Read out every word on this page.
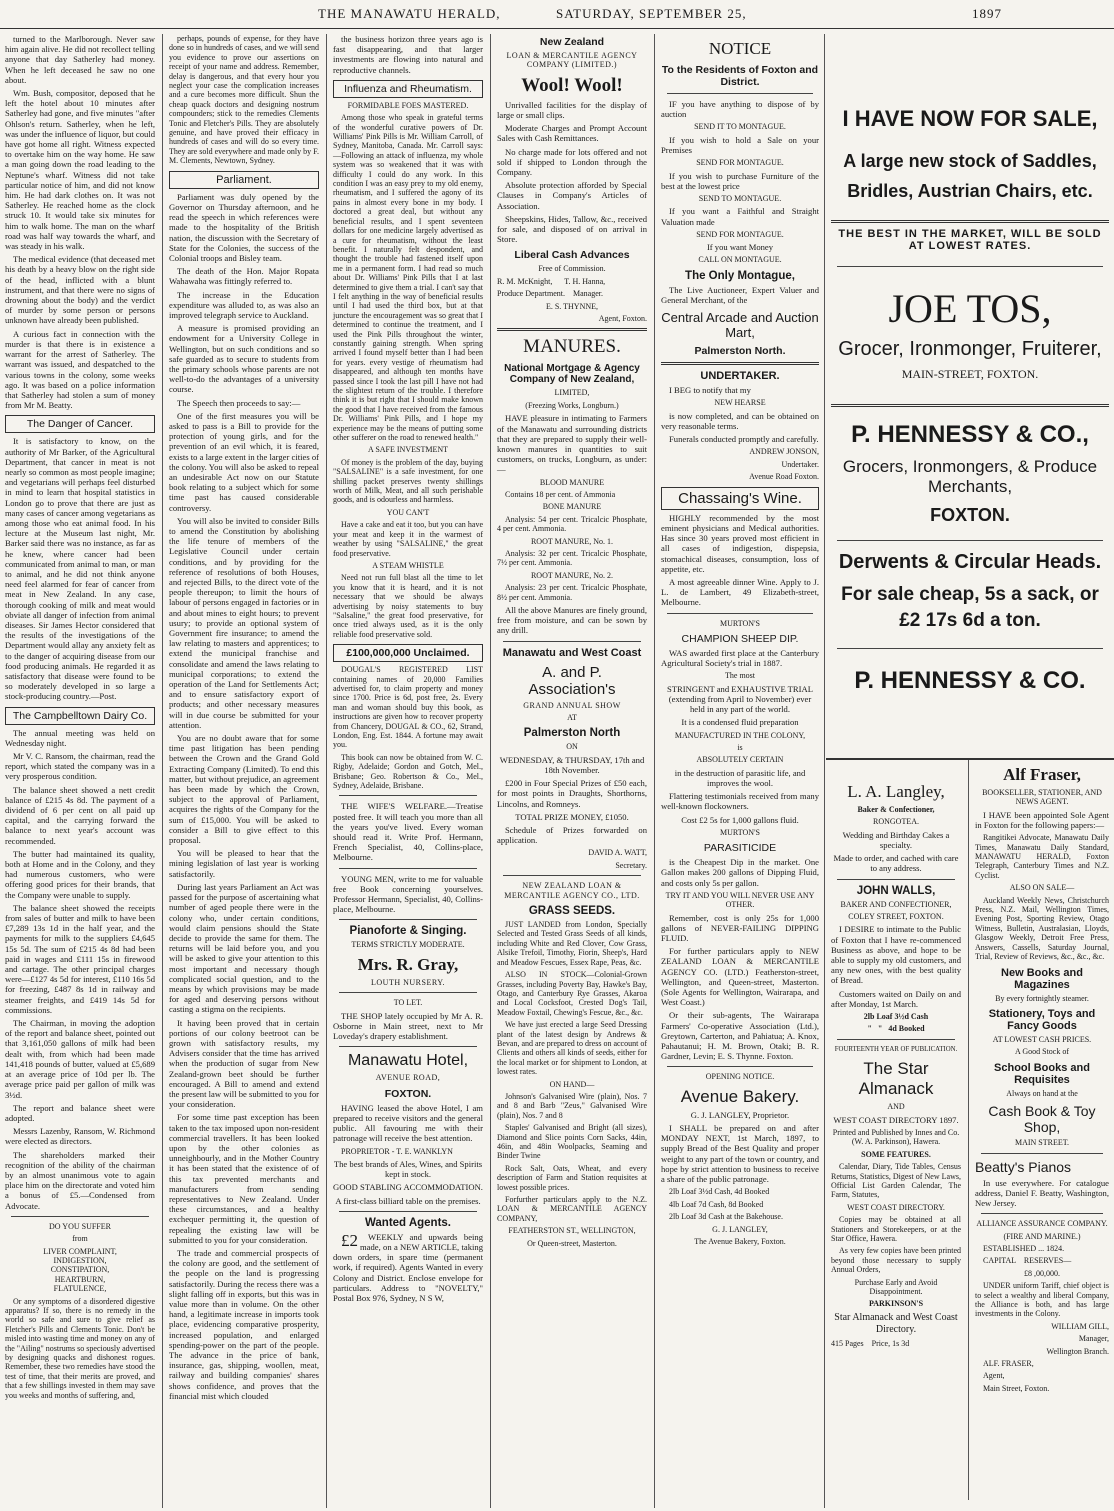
THE MANAWATU HERALD,	SATURDAY, SEPTEMBER 25,	1897

turned to the Marlborough. Never saw him again alive. He did not recollect telling anyone that day Satherley had money. When he left deceased he saw no one about.

Wm. Bush, compositor, deposed that he left the hotel about 10 minutes after Satherley had gone, and five minutes "after Ohlson's return. Satherley, when he left, was under the influence of liquor, but could have got home all right. Witness expected to overtake him on the way home. He saw a man going down the road leading to the Neptune's wharf. Witness did not take particular notice of him, and did not know him. He had dark clothes on. It was not Satherley. He reached home as the clock struck 10. It would take six minutes for him to walk home. The man on the wharf road was half way towards the wharf, and was steady in his walk.

The medical evidence (that deceased met his death by a heavy blow on the right side of the head, inflicted with a blunt instrument, and that there were no signs of drowning about the body) and the verdict of murder by some person or persons unknown have already been published.

A curious fact in connection with the murder is that there is in existence a warrant for the arrest of Satherley. The warrant was issued, and despatched to the various towns in the colony, some weeks ago. It was based on a police information that Satherley had stolen a sum of money from Mr M. Beatty.

The Danger of Cancer.

It is satisfactory to know, on the authority of Mr Barker, of the Agricultural Department, that cancer in meat is not nearly so common as most people imagine; and vegetarians will perhaps feel disturbed in mind to learn that hospital statistics in London go to prove that there are just as many cases of cancer among vegetarians as among those who eat animal food. In his lecture at the Museum last night, Mr. Barker said there was no instance, as far as he knew, where cancer had been communicated from animal to man, or man to animal, and he did not think anyone need feel alarmed for fear of cancer from meat in New Zealand. In any case, thorough cooking of milk and meat would obviate all danger of infection from animal diseases. Sir James Hector considered that the results of the investigations of the Department would allay any anxiety felt as to the danger of acquiring disease from our food producing animals. He regarded it as satisfactory that disease were found to be so moderately developed in so large a stock-producing country.—Post.

The Campbelltown Dairy Co.

The annual meeting was held on Wednesday night.

Mr V. C. Ransom, the chairman, read the report, which stated the company was in a very prosperous condition.

The balance sheet showed a nett credit balance of £215 4s 8d. The payment of a dividend of 6 per cent on all paid up capital, and the carrying forward the balance to next year's account was recommended.

The butter had maintained its quality, both at Home and in the Colony, and they had numerous customers, who were offering good prices for their brands, that the Company were unable to supply.

The balance sheet showed the receipts from sales of butter and milk to have been £7,289 13s 1d in the half year, and the payments for milk to the suppliers £4,645 15s 5d. The sum of £215 4s 8d had been paid in wages and £111 15s in firewood and cartage. The other principal charges were—£127 4s 5d for interest, £110 16s 5d for freezing, £487 8s 1d in railway and steamer freights, and £419 14s 5d for commissions.

The Chairman, in moving the adoption of the report and balance sheet, pointed out that 3,161,050 gallons of milk had been dealt with, from which had been made 141,418 pounds of butter, valued at £5,689 at an average price of 10d per lb. The average price paid per gallon of milk was 3½d.

The report and balance sheet were adopted.

Messrs Lazenby, Ransom, W. Richmond were elected as directors.

The shareholders marked their recognition of the ability of the chairman by an almost unanimous vote to again place him on the directorate and voted him a bonus of £5.—Condensed from Advocate.

DO YOU SUFFER

from

LIVER COMPLAINT,
INDIGESTION,
CONSTIPATION,
HEARTBURN,
FLATULENCE,

Or any symptoms of a disordered digestive apparatus? If so, there is no remedy in the world so safe and sure to give relief as Fletcher's Pills and Clements Tonic. Don't be misled into wasting time and money on any of the "Ailing" nostrums so speciously advertised by designing quacks and dishonest rogues. Remember, these two remedies have stood the test of time, that their merits are proved, and that a few shillings invested in them may save you weeks and months of suffering, and,

perhaps, pounds of expense, for they have done so in hundreds of cases, and we will send you evidence to prove our assertions on receipt of your name and address. Remember, delay is dangerous, and that every hour you neglect your case the complication increases and a cure becomes more difficult. Shun the cheap quack doctors and designing nostrum compounders; stick to the remedies Clements Tonic and Fletcher's Pills. They are absolutely genuine, and have proved their efficacy in hundreds of cases and will do so every time. They are sold everywhere and made only by F. M. Clements, Newtown, Sydney.

Parliament.

Parliament was duly opened by the Governor on Thursday afternoon, and he read the speech in which references were made to the hospitality of the British nation, the discussion with the Secretary of State for the Colonies, the success of the Colonial troops and Bisley team.

The death of the Hon. Major Ropata Wahawaha was fittingly referred to.

The increase in the Education expenditure was alluded to, as was also an improved telegraph service to Auckland.

A measure is promised providing an endowment for a University College in Wellington, but on such conditions and so safe guarded as to secure to students from the primary schools whose parents are not well-to-do the advantages of a university course.

The Speech then proceeds to say:—

One of the first measures you will be asked to pass is a Bill to provide for the protection of young girls, and for the prevention of an evil which, it is feared, exists to a large extent in the larger cities of the colony. You will also be asked to repeal an undesirable Act now on our Statute book relating to a subject which for some time past has caused considerable controversy.

You will also be invited to consider Bills to amend the Constitution by abolishing the life tenure of members of the Legislative Council under certain conditions, and by providing for the reference of resolutions of both Houses, and rejected Bills, to the direct vote of the people thereupon; to limit the hours of labour of persons engaged in factories or in and about mines to eight hours; to prevent usury; to provide an optional system of Government fire insurance; to amend the law relating to masters and apprentices; to extend the municipal franchise and consolidate and amend the laws relating to municipal corporations; to extend the operation of the Land for Settlements Act; and to ensure satisfactory export of products; and other necessary measures will in due course be submitted for your attention.

You are no doubt aware that for some time past litigation has been pending between the Crown and the Grand Gold Extracting Company (Limited). To end this matter, but without prejudice, an agreement has been made by which the Crown, subject to the approval of Parliament, acquires the rights of the Company for the sum of £15,000. You will be asked to consider a Bill to give effect to this proposal.

You will be pleased to hear that the mining legislation of last year is working satisfactorily.

During last years Parliament an Act was passed for the purpose of ascertaining what number of aged people there were in the colony who, under certain conditions, would claim pensions should the State decide to provide the same for them. The returns will be laid before you, and you will be asked to give your attention to this most important and necessary though complicated social question, and to the means by which provisions may be made for aged and deserving persons without casting a stigma on the recipients.

It having been proved that in certain portions of our colony beetroot can be grown with satisfactory results, my Advisers consider that the time has arrived when the production of sugar from New Zealand-grown beet should be further encouraged. A Bill to amend and extend the present law will be submitted to you for your consideration.

For some time past exception has been taken to the tax imposed upon non-resident commercial travellers. It has been looked upon by the other colonies as unneighbourly, and in the Mother Country it has been stated that the existence of of this tax prevented merchants and manufacturers from sending representatives to New Zealand. Under these circumstances, and a healthy exchequer permitting it, the question of repealing the existing law will be submitted to you for your consideration.

The trade and commercial prospects of the colony are good, and the settlement of the people on the land is progressing satisfactorily. During the recess there was a slight falling off in exports, but this was in value more than in volume. On the other hand, a legitimate increase in imports took place, evidencing comparative prosperity, increased population, and enlarged spending-power on the part of the people. The advance in the price of bank, insurance, gas, shipping, woollen, meat, railway and building companies' shares shows confidence, and proves that the financial mist which clouded

the business horizon three years ago is fast disappearing, and that larger investments are flowing into natural and reproductive channels.

Influenza and Rheumatism.

FORMIDABLE FOES MASTERED.

Among those who speak in grateful terms of the wonderful curative powers of Dr. Williams' Pink Pills is Mr. William Carroll, of Sydney, Manitoba, Canada. Mr. Carroll says:—Following an attack of influenza, my whole system was so weakened that it was with difficulty I could do any work. In this condition I was an easy prey to my old enemy, rheumatism, and I suffered the agony of its pains in almost every bone in my body. I doctored a great deal, but without any beneficial results, and I spent seventeen dollars for one medicine largely advertised as a cure for rheumatism, without the least benefit. I naturally felt despondent, and thought the trouble had fastened itself upon me in a permanent form. I had read so much about Dr. Williams' Pink Pills that I at last determined to give them a trial. I can't say that I felt anything in the way of beneficial results until I had used the third box, but at that juncture the encouragement was so great that I determined to continue the treatment, and I used the Pink Pills throughout the winter, constantly gaining strength. When spring arrived I found myself better than I had been for years. every vestige of rheumatism had disappeared, and although ten months have passed since I took the last pill I have not had the slightest return of the trouble. I therefore think it is but right that I should make known the good that I have received from the famous Dr. Williams' Pink Pills, and I hope my experience may be the means of putting some other sufferer on the road to renewed health."

A SAFE INVESTMENT

Of money is the problem of the day, buying "SALSALINE" is a safe investment, for one shilling packet preserves twenty shillings worth of Milk, Meat, and all such perishable goods, and is odourless and harmless.

YOU CAN'T

Have a cake and eat it too, but you can have your meat and keep it in the warmest of weather by using "SALSALINE," the great food preservative.

A STEAM WHISTLE

Need not run full blast all the time to let you know that it is heard, and it is not necessary that we should be always advertising by noisy statements to buy "Salsaline," the great food preservative, for once tried always used, as it is the only reliable food preservative sold.

£100,000,000 Unclaimed.

DOUGAL'S REGISTERED LIST containing names of 20,000 Families advertised for, to claim property and money since 1700. Price is 6d, post free, 2s. Every man and woman should buy this book, as instructions are given how to recover property from Chancery, DOUGAL & CO., 62, Strand, London, Eng. Est. 1844. A fortune may await you.

This book can now be obtained from W. C. Rigby, Adelaide; Gordon and Gotch, Mel., Brisbane; Geo. Robertson & Co., Mel., Sydney, Adelaide, Brisbane.

THE WIFE'S WELFARE.—Treatise posted free. It will teach you more than all the years you've lived. Every woman should read it. Write Prof. Hermann, French Specialist, 40, Collins-place, Melbourne.

YOUNG MEN, write to me for valuable free Book concerning yourselves. Professor Hermann, Specialist, 40, Collins-place, Melbourne.

Pianoforte & Singing.

TERMS STRICTLY MODERATE.

Mrs. R. Gray,

LOUTH NURSERY.

TO LET.

THE SHOP lately occupied by Mr A. R. Osborne in Main street, next to Mr Loveday's drapery establishment.

Manawatu Hotel,

AVENUE ROAD,

FOXTON.

HAVING leased the above Hotel, I am prepared to receive visitors and the general public. All favouring me with their patronage will receive the best attention.

PROPRIETOR - T. E. WANKLYN

The best brands of Ales, Wines, and Spirits kept in stock.

GOOD STABLING ACCOMMODATION.

A first-class billiard table on the premises.

Wanted Agents.

£2 WEEKLY and upwards being made, on a NEW ARTICLE, taking down orders, in spare time (permanent work, if required). Agents Wanted in every Colony and District. Enclose envelope for particulars. Address to "NOVELTY," Postal Box 976, Sydney, N S W,

New Zealand

LOAN & MERCANTILE AGENCY COMPANY (LIMITED.)

Wool! Wool!

Unrivalled facilities for the display of large or small clips.

Moderate Charges and Prompt Account Sales with Cash Remittances.

No charge made for lots offered and not sold if shipped to London through the Company.

Absolute protection afforded by Special Clauses in Company's Articles of Association.

Sheepskins, Hides, Tallow, &c., received for sale, and disposed of on arrival in Store.

Liberal Cash Advances

Free of Commission.

R. M. McKnight,      T. H. Hanna,

Produce Department.    Manager.

E. S. THYNNE,

Agent, Foxton.

MANURES.
National Mortgage & Agency Company of New Zealand,

LIMITED,

(Freezing Works, Longburn.)

HAVE pleasure in intimating to Farmers of the Manawatu and surrounding districts that they are prepared to supply their well-known manures in quantities to suit customers, on trucks, Longburn, as under:—

BLOOD MANURE

Contains 18 per cent. of Ammonia

BONE MANURE

Analysis: 54 per cent. Tricalcic Phosphate, 4 per cent. Ammonia.

ROOT MANURE, No. 1.

Analysis: 32 per cent. Tricalcic Phosphate, 7½ per cent. Ammonia.

ROOT MANURE, No. 2.

Analysis: 23 per cent. Tricalcic Phosphate, 8½ per cent. Ammonia.

All the above Manures are finely ground, free from moisture, and can be sown by any drill.

Manawatu and West Coast
A. and P. Association's

GRAND ANNUAL SHOW

AT

Palmerston North

ON

WEDNESDAY, & THURSDAY, 17th and 18th November.

£200 in Four Special Prizes of £50 each, for most points in Draughts, Shorthorns, Lincolns, and Romneys.

TOTAL PRIZE MONEY, £1050.

Schedule of Prizes forwarded on application.

DAVID A. WATT,

Secretary.

NEW ZEALAND LOAN & MERCANTILE AGENCY CO., LTD.

GRASS SEEDS.

JUST LANDED from London, Specially Selected and Tested Grass Seeds of all kinds, including White and Red Clover, Cow Grass, Alsike Trefoil, Timothy, Fiorin, Sheep's, Hard and Meadow Fescues, Essex Rape, Peas, &c.

ALSO IN STOCK—Colonial-Grown Grasses, including Poverty Bay, Hawke's Bay, Otago, and Canterbury Rye Grasses, Akaroa and Local Cocksfoot, Crested Dog's Tail, Meadow Foxtail, Chewing's Fescue, &c., &c.

We have just erected a large Seed Dressing plant of the latest design by Andrews & Bevan, and are prepared to dress on account of Clients and others all kinds of seeds, either for the local market or for shipment to London, at lowest rates.

ON HAND—

Johnson's Galvanised Wire (plain), Nos. 7 and 8 and Barb "Zeus," Galvanised Wire (plain), Nos. 7 and 8

Staples' Galvanised and Bright (all sizes), Diamond and Slice points Corn Sacks, 44in, 46in, and 48in Woolpacks, Seaming and Binder Twine

Rock Salt, Oats, Wheat, and every description of Farm and Station requisites at lowest possible prices.

Forfurther particulars apply to the N.Z. LOAN & MERCANTILE AGENCY COMPANY,

FEATHERSTON ST., WELLINGTON,

Or Queen-street, Masterton.

NOTICE
To the Residents of Foxton and District.

IF you have anything to dispose of by auction

SEND IT TO MONTAGUE.

If you wish to hold a Sale on your Premises

SEND FOR MONTAGUE.

If you wish to purchase Furniture of the best at the lowest price

SEND TO MONTAGUE.

If you want a Faithful and Straight Valuation made

SEND FOR MONTAGUE.

If you want Money

CALL ON MONTAGUE.

The Only Montague,

The Live Auctioneer, Expert Valuer and General Merchant, of the

Central Arcade and Auction Mart,
Palmerston North.
UNDERTAKER.

I BEG to notify that my

NEW HEARSE

is now completed, and can be obtained on very reasonable terms.

Funerals conducted promptly and carefully.

ANDREW JONSON,

Undertaker.

Avenue Road Foxton.

Chassaing's Wine.

HIGHLY recommended by the most eminent physicians and Medical authorities. Has since 30 years proved most efficient in all cases of indigestion, dispepsia, stomachical diseases, consumption, loss of appetite, etc.

A most agreeable dinner Wine. Apply to J. L. de Lambert, 49 Elizabeth-street, Melbourne.

MURTON'S

CHAMPION SHEEP DIP.

WAS awarded first place at the Canterbury Agricultural Society's trial in 1887.

The most

STRINGENT and EXHAUSTIVE TRIAL (extending from April to November) ever held in any part of the world.

It is a condensed fluid preparation

MANUFACTURED IN THE COLONY,

is

ABSOLUTELY CERTAIN

in the destruction of parasitic life, and improves the wool.

Flattering testimonials received from many well-known flockowners.

Cost £2 5s for 1,000 gallons fluid.

MURTON'S

PARASITICIDE

is the Cheapest Dip in the market. One Gallon makes 200 gallons of Dipping Fluid, and costs only 5s per gallon.

TRY IT AND YOU WILL NEVER USE ANY OTHER.

Remember, cost is only 25s for 1,000 gallons of NEVER-FAILING DIPPING FLUID.

For further particulars apply to NEW ZEALAND LOAN & MERCANTILE AGENCY CO. (LTD.) Featherston-street, Wellington, and Queen-street, Masterton. (Sole Agents for Wellington, Wairarapa, and West Coast.)

Or their sub-agents, The Wairarapa Farmers' Co-operative Association (Ltd.), Greytown, Carterton, and Pahiatua; A. Knox, Pahautanui; H. M. Brown, Otaki; B. R. Gardner, Levin; E. S. Thynne. Foxton.

OPENING NOTICE.

Avenue Bakery.

G. J. LANGLEY, Proprietor.

I SHALL be prepared on and after MONDAY NEXT, 1st March, 1897, to supply Bread of the Best Quality and proper weight to any part of the town or country, and hope by strict attention to business to receive a share of the public patronage.

2lb Loaf 3½d Cash, 4d Booked

4lb Loaf 7d Cash, 8d Booked

2lb Loaf 3d Cash at the Bakehouse.

G. J. LANGLEY,

The Avenue Bakery, Foxton.

I HAVE NOW FOR SALE,
A large new stock of Saddles, Bridles, Austrian Chairs, etc.
THE BEST IN THE MARKET, WILL BE SOLD AT LOWEST RATES.
JOE TOS,
Grocer, Ironmonger, Fruiterer,
MAIN-STREET, FOXTON.
P. HENNESSY & CO.,
Grocers, Ironmongers, & Produce Merchants,
FOXTON.
Derwents & Circular Heads.
For sale cheap, 5s a sack, or £2 17s 6d a ton.
P. HENNESSY & CO.
L. A. Langley,

Baker & Confectioner,

RONGOTEA.

Wedding and Birthday Cakes a specialty.

Made to order, and cached with care to any address.

JOHN WALLS,

BAKER AND CONFECTIONER,

COLEY STREET, FOXTON.

I DESIRE to intimate to the Public of Foxton that I have re-commenced Business as above, and hope to be able to supply my old customers, and any new ones, with the best quality of Bread.

Customers waited on Daily on and after Monday, 1st March.

2lb Loaf 3½d Cash

"   "   4d Booked

FOURTEENTH YEAR OF PUBLICATION.

The Star Almanack

AND

WEST COAST DIRECTORY 1897.

Printed and Published by Innes and Co. (W. A. Parkinson), Hawera.

SOME FEATURES.

Calendar, Diary, Tide Tables, Census Returns, Statistics, Digest of New Laws, Official List Garden Calendar, The Farm, Statutes,

WEST COAST DIRECTORY.

Copies may be obtained at all Stationers and Storekeepers, or at the Star Office, Hawera.

As very few copies have been printed beyond those necessary to supply Annual Orders,

Purchase Early and Avoid Disappointment.

PARKINSON'S

Star Almanack and West Coast Directory.

415 Pages Price, 1s 3d

Alf Fraser,

BOOKSELLER, STATIONER, AND NEWS AGENT.

I HAVE been appointed Sole Agent in Foxton for the following papers:—

Rangitikei Advocate, Manawatu Daily Times, Manawatu Daily Standard, MANAWATU HERALD, Foxton Telegraph, Canterbury Times and N.Z. Cyclist.

ALSO ON SALE—

Auckland Weekly News, Christchurch Press, N.Z. Mail, Wellington Times, Evening Post, Sporting Review, Otago Witness, Bulletin, Australasian, Lloyds, Glasgow Weekly, Detroit Free Press, Answers, Cassells, Saturday Journal, Trial, Review of Reviews, &c., &c., &c.

New Books and Magazines

By every fortnightly steamer.

Stationery, Toys and Fancy Goods

AT LOWEST CASH PRICES.

A Good Stock of

School Books and Requisites

Always on hand at the

Cash Book & Toy Shop,

MAIN STREET.

Beatty's Pianos

In use everywhere. For catalogue address, Daniel F. Beatty, Washington, New Jersey.

ALLIANCE ASSURANCE COMPANY.

(FIRE AND MARINE.)

ESTABLISHED ... 1824.

CAPITAL    RESERVES—

£8 ,00,000.

UNDER uniform Tariff, chief object is to select a wealthy and liberal Company, the Alliance is both, and has large investments in the Colony.

WILLIAM GILL,

Manager,

Wellington Branch.

ALF. FRASER,

Agent,

Main Street, Foxton.
